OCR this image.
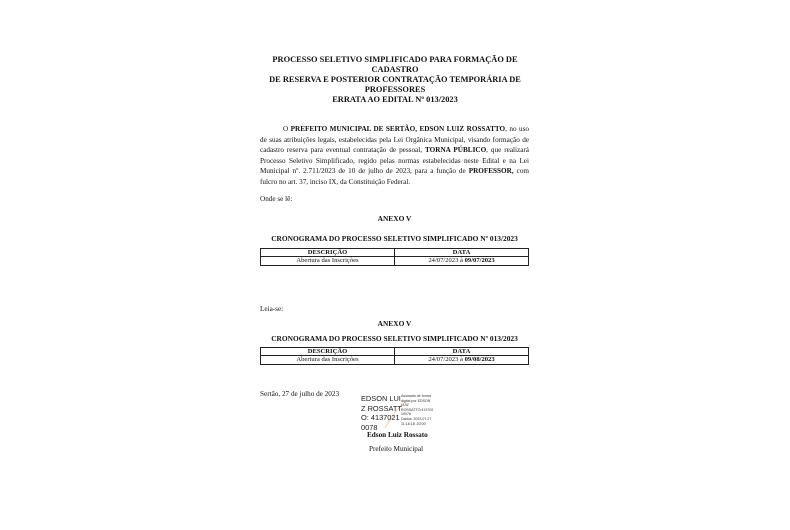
PROCESSO SELETIVO SIMPLIFICADO PARA FORMAÇÃO DE CADASTRO
DE RESERVA E POSTERIOR CONTRATAÇÃO TEMPORÁRIA DE
PROFESSORES
ERRATA AO EDITAL Nº 013/2023

O PREFEITO MUNICIPAL DE SERTÃO, EDSON LUIZ ROSSATTO, no uso de suas atribuições legais, estabelecidas pela Lei Orgânica Municipal, visando formação de cadastro reserva para eventual contratação de pessoal, TORNA PÚBLICO, que realizará Processo Seletivo Simplificado, regido pelas normas estabelecidas neste Edital e na Lei Municipal nº. 2.711/2023 de 10 de julho de 2023, para a função de PROFESSOR, com fulcro no art. 37, inciso IX, da Constituição Federal.

Onde se lê:
ANEXO V
CRONOGRAMA DO PROCESSO SELETIVO SIMPLIFICADO Nº 013/2023
DESCRIÇÃO	DATA
Abertura das Inscrições	24/07/2023 à 09/07/2023
Leia-se:
ANEXO V
CRONOGRAMA DO PROCESSO SELETIVO SIMPLIFICADO Nº 013/2023
DESCRIÇÃO	DATA
Abertura das Inscrições	24/07/2023 à 09/08/2023
Sertão, 27 de julho de 2023	EDSON LUIZ ROSSATTO: 41370210078
Assinado de forma
digital por EDSON
LUIZ
ROSSATTO:413702
10078
Dados: 2023.07.27
11:18:18 -03'00'
Edson Luiz Rossato
Prefeito Municipal
